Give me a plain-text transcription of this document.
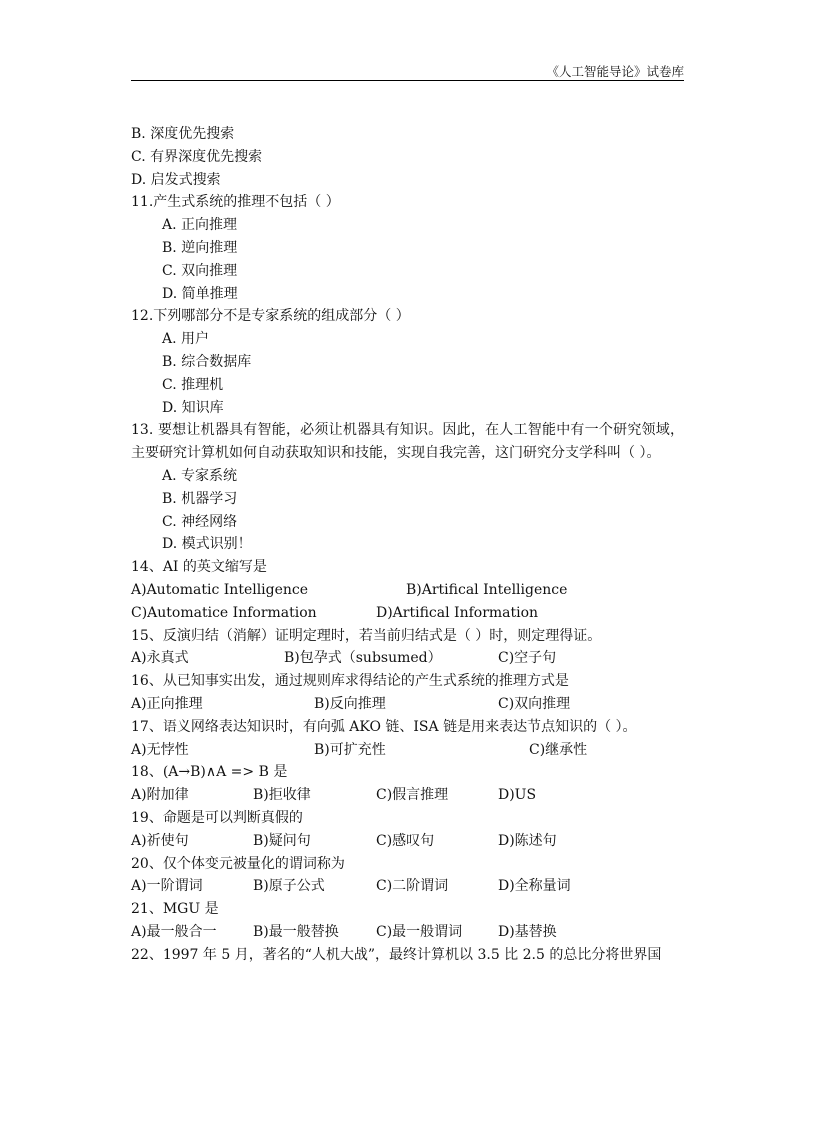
《人工智能导论》试卷库
B. 深度优先搜索
C. 有界深度优先搜索
D. 启发式搜索
11.产生式系统的推理不包括（ ）
A. 正向推理
B. 逆向推理
C. 双向推理
D. 简单推理
12.下列哪部分不是专家系统的组成部分（ ）
A. 用户
B. 综合数据库
C. 推理机
D. 知识库
13. 要想让机器具有智能，必须让机器具有知识。因此，在人工智能中有一个研究领域，主要研究计算机如何自动获取知识和技能，实现自我完善，这门研究分支学科叫（ ）。
A. 专家系统
B. 机器学习
C. 神经网络
D. 模式识别！
14、AI 的英文缩写是
A)Automatic Intelligence	B)Artifical Intelligence
C)Automatice Information	D)Artifical Information
15、反演归结（消解）证明定理时，若当前归结式是（ ）时，则定理得证。
A)永真式	B)包孕式（subsumed）	C)空子句
16、从已知事实出发，通过规则库求得结论的产生式系统的推理方式是
A)正向推理	B)反向推理	C)双向推理
17、语义网络表达知识时，有向弧 AKO 链、ISA 链是用来表达节点知识的（ ）。
A)无悖性	B)可扩充性	C)继承性
18、(A→B)∧A => B 是
A)附加律	B)拒收律	C)假言推理	D)US
19、命题是可以判断真假的
A)祈使句	B)疑问句	C)感叹句	D)陈述句
20、仅个体变元被量化的谓词称为
A)一阶谓词	B)原子公式	C)二阶谓词	D)全称量词
21、MGU 是
A)最一般合一	B)最一般替换	C)最一般谓词	D)基替换
22、1997 年 5 月，著名的“人机大战”，最终计算机以 3.5 比 2.5 的总比分将世界国
